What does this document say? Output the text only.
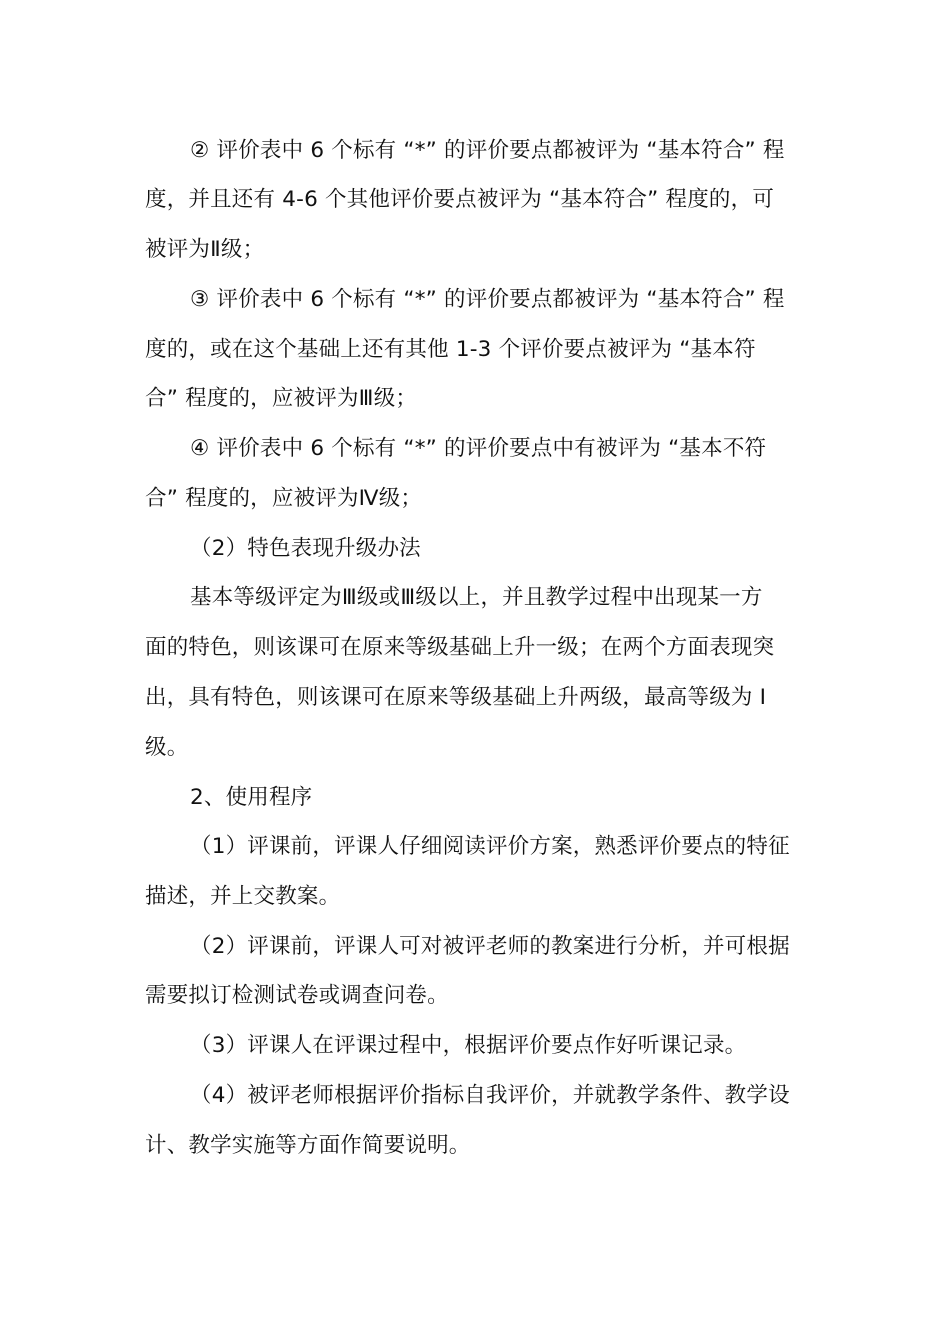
② 评价表中 6 个标有 “*” 的评价要点都被评为 “基本符合” 程
度，并且还有 4-6 个其他评价要点被评为 “基本符合” 程度的，可
被评为Ⅱ级；
③ 评价表中 6 个标有 “*” 的评价要点都被评为 “基本符合” 程
度的，或在这个基础上还有其他 1-3 个评价要点被评为 “基本符
合” 程度的，应被评为Ⅲ级；
④ 评价表中 6 个标有 “*” 的评价要点中有被评为 “基本不符
合” 程度的，应被评为Ⅳ级；
（2）特色表现升级办法
基本等级评定为Ⅲ级或Ⅲ级以上，并且教学过程中出现某一方
面的特色，则该课可在原来等级基础上升一级；在两个方面表现突
出，具有特色，则该课可在原来等级基础上升两级，最高等级为 I
级。
2、使用程序
（1）评课前，评课人仔细阅读评价方案，熟悉评价要点的特征
描述，并上交教案。
（2）评课前，评课人可对被评老师的教案进行分析，并可根据
需要拟订检测试卷或调查问卷。
（3）评课人在评课过程中，根据评价要点作好听课记录。
（4）被评老师根据评价指标自我评价，并就教学条件、教学设
计、教学实施等方面作简要说明。
